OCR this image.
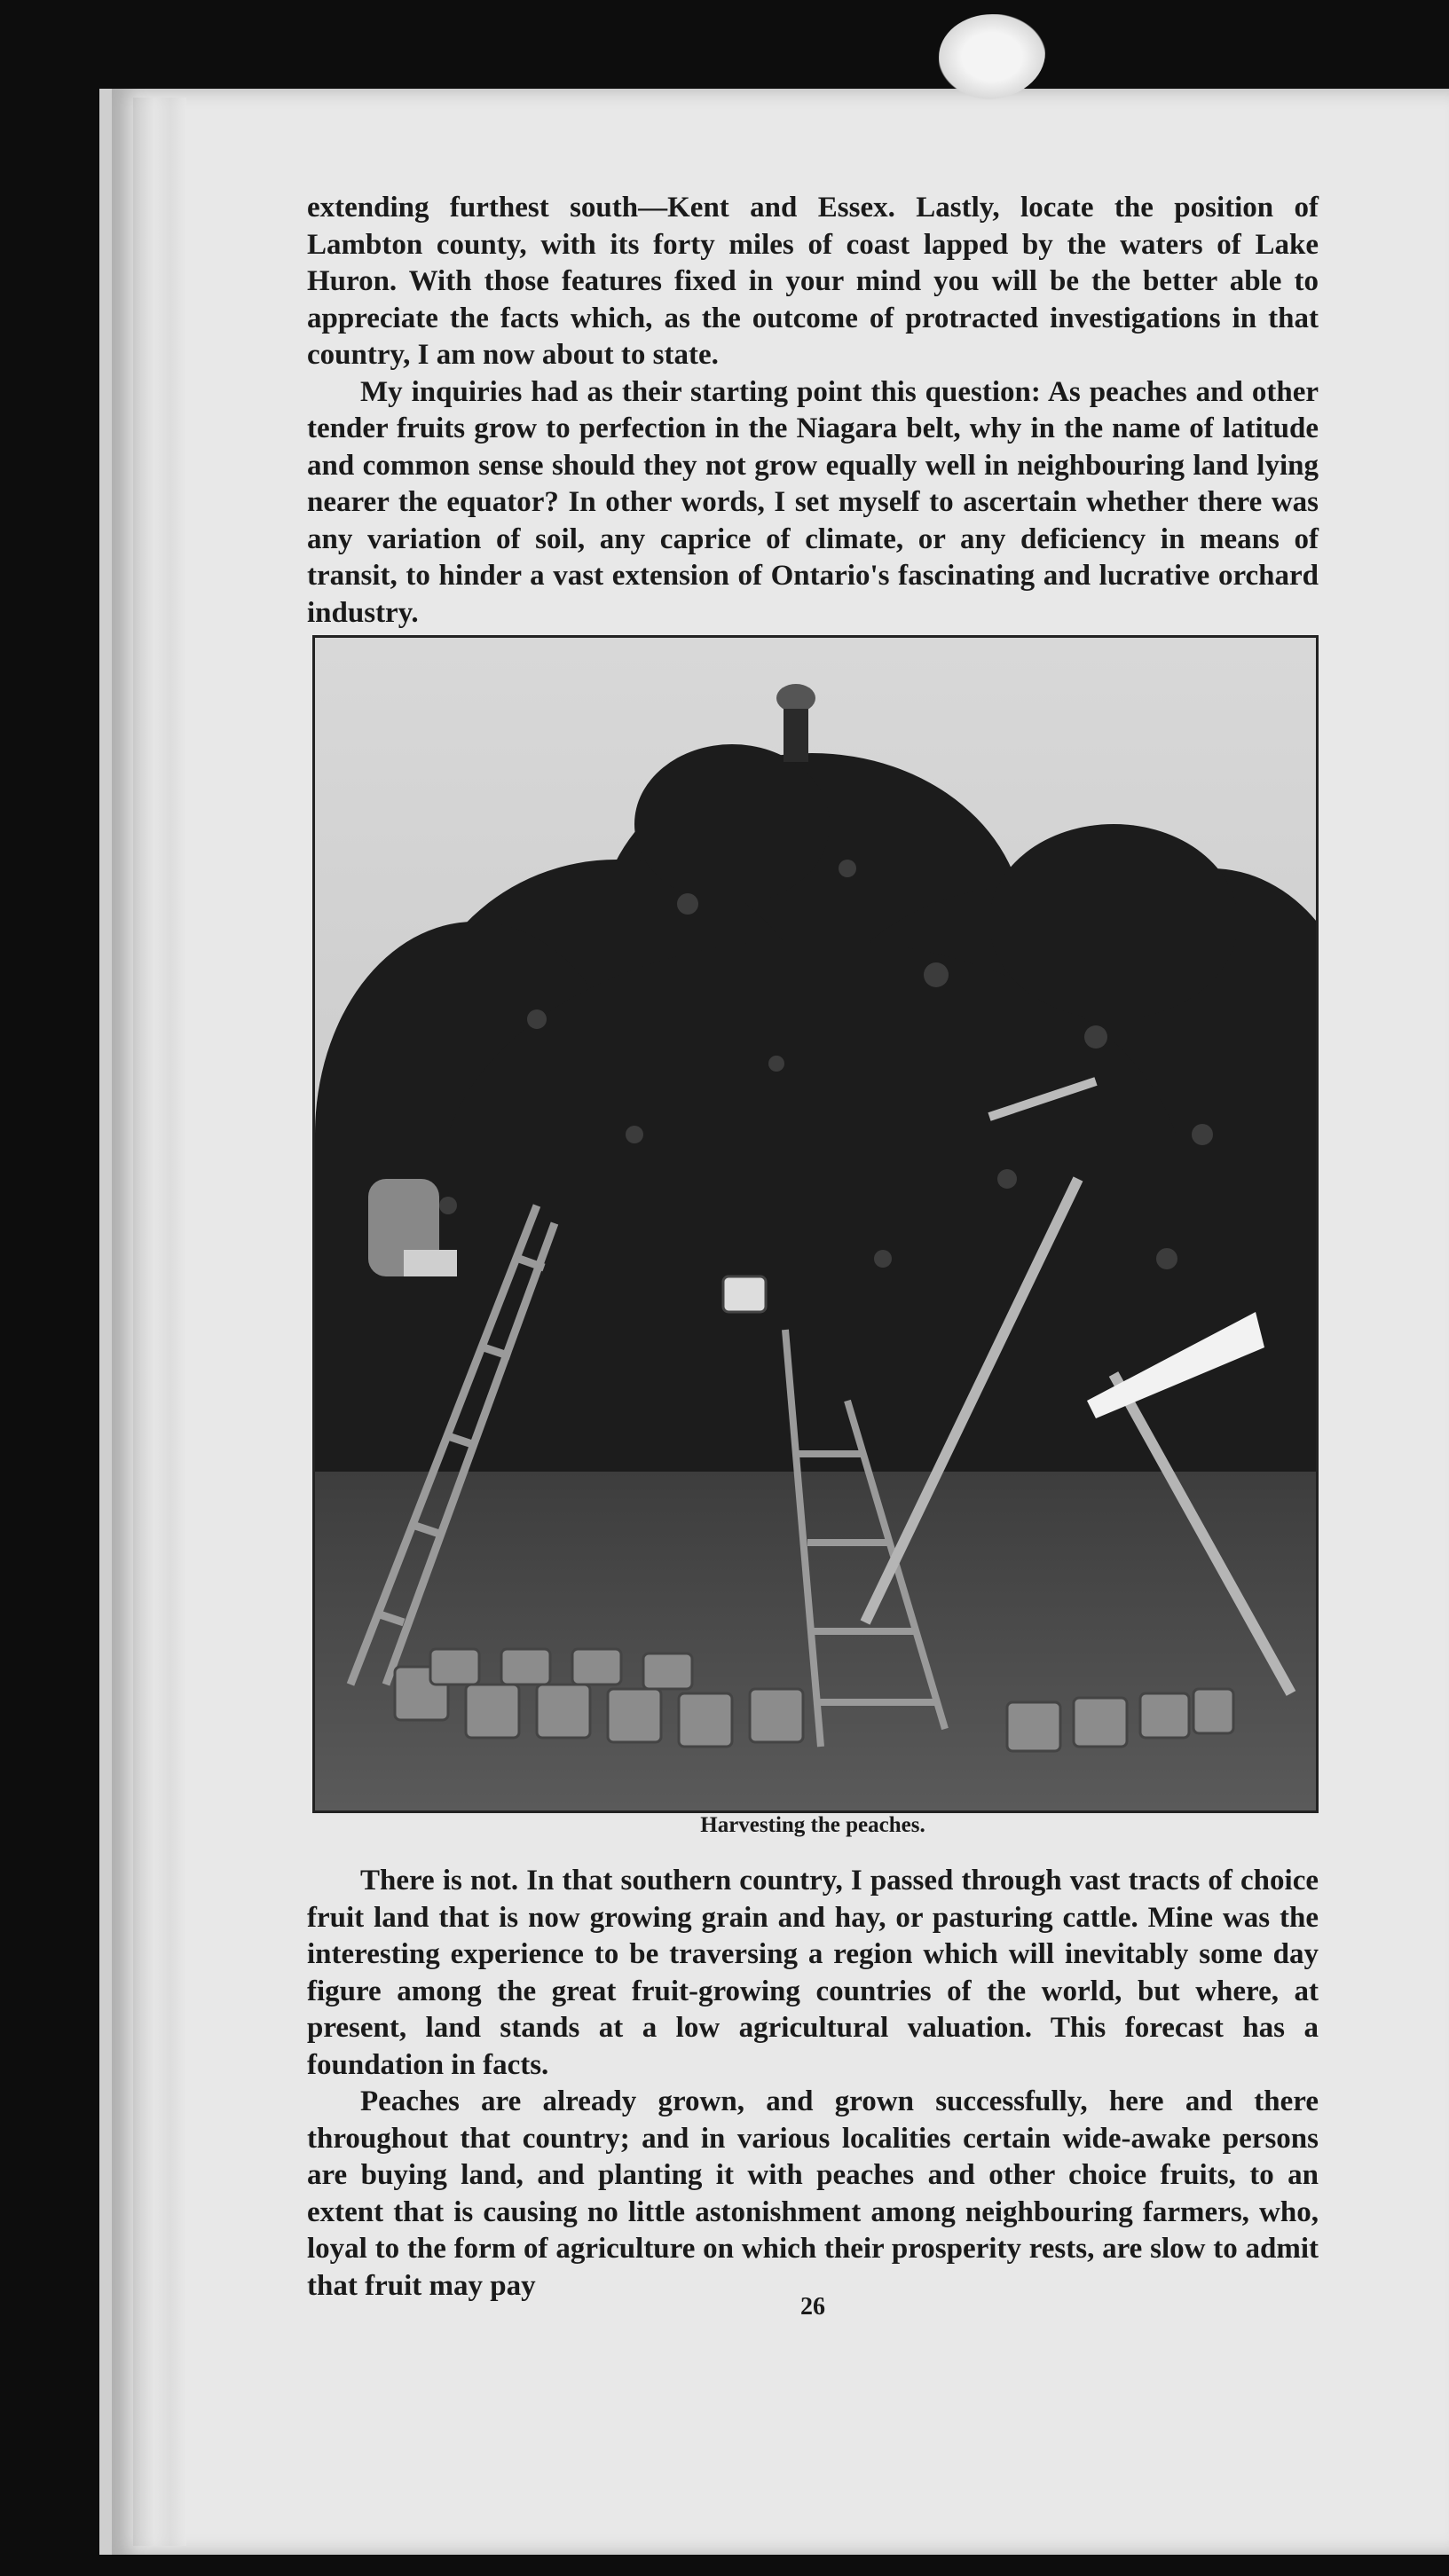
extending furthest south—Kent and Essex. Lastly, locate the position of Lambton county, with its forty miles of coast lapped by the waters of Lake Huron. With those features fixed in your mind you will be the better able to appreciate the facts which, as the outcome of protracted investigations in that country, I am now about to state.

My inquiries had as their starting point this question: As peaches and other tender fruits grow to perfection in the Niagara belt, why in the name of latitude and common sense should they not grow equally well in neighbouring land lying nearer the equator? In other words, I set myself to ascertain whether there was any variation of soil, any caprice of climate, or any deficiency in means of transit, to hinder a vast extension of Ontario's fascinating and lucrative orchard industry.

Harvesting the peaches.

There is not. In that southern country, I passed through vast tracts of choice fruit land that is now growing grain and hay, or pasturing cattle. Mine was the interesting experience to be traversing a region which will inevitably some day figure among the great fruit-growing countries of the world, but where, at present, land stands at a low agricultural valuation. This forecast has a foundation in facts.

Peaches are already grown, and grown successfully, here and there throughout that country; and in various localities certain wide-awake persons are buying land, and planting it with peaches and other choice fruits, to an extent that is causing no little astonishment among neighbouring farmers, who, loyal to the form of agriculture on which their prosperity rests, are slow to admit that fruit may pay

26
